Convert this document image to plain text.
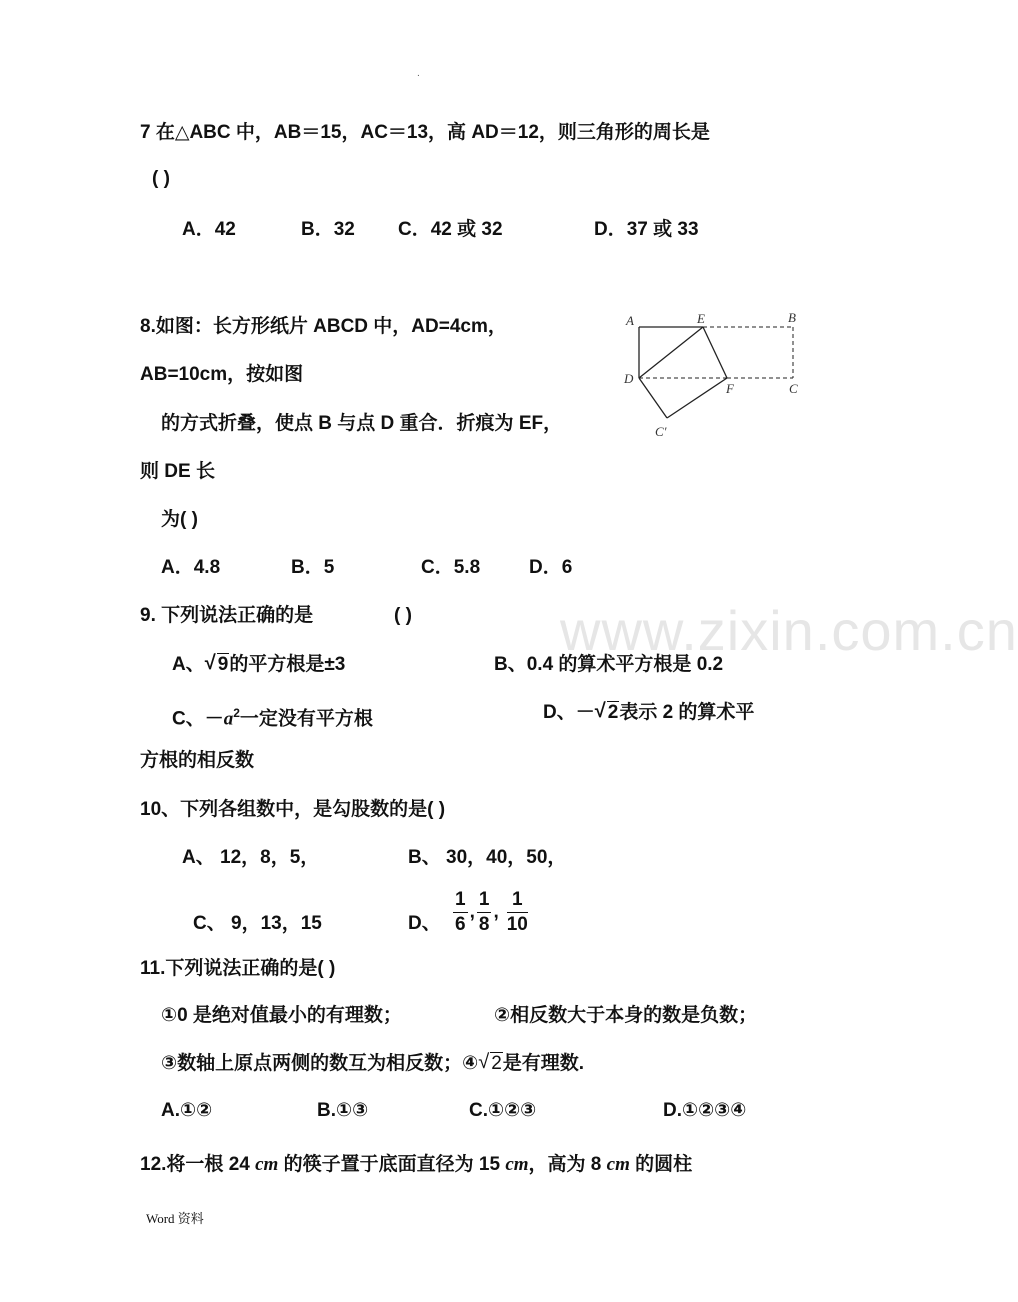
.
www.zixin.com.cn
7 在△ABC 中，AB＝15，AC＝13，高 AD＝12，则三角形的周长是
( )
A．42	B．32 C．42 或 32	D．37 或 33
8.如图：长方形纸片 ABCD 中，AD=4cm，
AB=10cm，按如图
的方式折叠，使点 B 与点 D 重合．折痕为 EF，
则 DE 长
为( )
A．4.8	B．5	C．5.8	D．6
A	E	B
D
F	C
C′
9. 下列说法正确的是	( )
A、 √ 9的平方根是±3	B、0.4 的算术平方根是 0.2
C、$-a^2$一定没有平方根	D、－ √ 2表示 2 的算术平
方根的相反数
10、下列各组数中，是勾股数的是( )
A、 12，8，5，	B、 30，40，50，
C、 9，13，15	D、 $\frac{1}{6}$ , $\frac{1}{8}$ , $\frac{1}{10}$
11.下列说法正确的是( )
①0 是绝对值最小的有理数；	②相反数大于本身的数是负数；
③数轴上原点两侧的数互为相反数；④ √ 2是有理数.
A.①②	B.①③	C.①②③	D.①②③④
12.将一根 24 cm 的筷子置于底面直径为 15 cm，高为 8 cm 的圆柱
Word 资料
